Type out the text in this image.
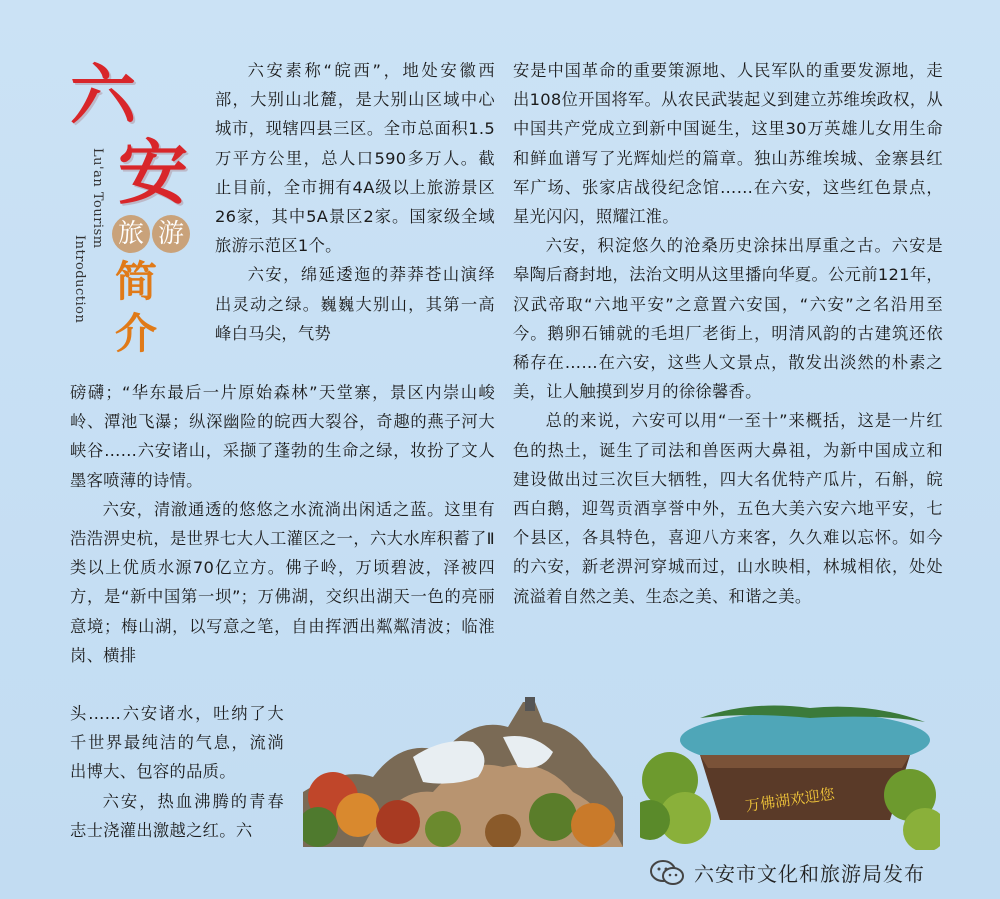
六
安
Lu'an Tourism
Introduction
旅 游
简
介

六安素称“皖西”，地处安徽西部，大别山北麓，是大别山区域中心城市，现辖四县三区。全市总面积1.5万平方公里，总人口590多万人。截止目前，全市拥有4A级以上旅游景区26家，其中5A景区2家。国家级全域旅游示范区1个。

六安，绵延逶迤的莽莽苍山演绎出灵动之绿。巍巍大别山，其第一高峰白马尖，气势

磅礴；“华东最后一片原始森林”天堂寨，景区内崇山峻岭、潭池飞瀑；纵深幽险的皖西大裂谷，奇趣的燕子河大峡谷……六安诸山，采撷了蓬勃的生命之绿，妆扮了文人墨客喷薄的诗情。

六安，清澈通透的悠悠之水流淌出闲适之蓝。这里有浩浩淠史杭，是世界七大人工灌区之一，六大水库积蓄了Ⅱ类以上优质水源70亿立方。佛子岭，万顷碧波，泽被四方，是“新中国第一坝”；万佛湖，交织出湖天一色的亮丽意境；梅山湖，以写意之笔，自由挥洒出粼粼清波；临淮岗、横排

头……六安诸水，吐纳了大千世界最纯洁的气息，流淌出博大、包容的品质。

六安，热血沸腾的青春志士浇灌出激越之红。六

安是中国革命的重要策源地、人民军队的重要发源地，走出108位开国将军。从农民武装起义到建立苏维埃政权，从中国共产党成立到新中国诞生，这里30万英雄儿女用生命和鲜血谱写了光辉灿烂的篇章。独山苏维埃城、金寨县红军广场、张家店战役纪念馆……在六安，这些红色景点，星光闪闪，照耀江淮。

六安，积淀悠久的沧桑历史涂抹出厚重之古。六安是皋陶后裔封地，法治文明从这里播向华夏。公元前121年，汉武帝取“六地平安”之意置六安国，“六安”之名沿用至今。鹅卵石铺就的毛坦厂老街上，明清风韵的古建筑还依稀存在……在六安，这些人文景点，散发出淡然的朴素之美，让人触摸到岁月的徐徐馨香。

总的来说，六安可以用“一至十”来概括，这是一片红色的热土，诞生了司法和兽医两大鼻祖，为新中国成立和建设做出过三次巨大牺牲，四大名优特产瓜片，石斛，皖西白鹅，迎驾贡酒享誉中外，五色大美六安六地平安，七个县区，各具特色，喜迎八方来客，久久难以忘怀。如今的六安，新老淠河穿城而过，山水映相，林城相依，处处流溢着自然之美、生态之美、和谐之美。

万佛湖欢迎您
六安市文化和旅游局发布
